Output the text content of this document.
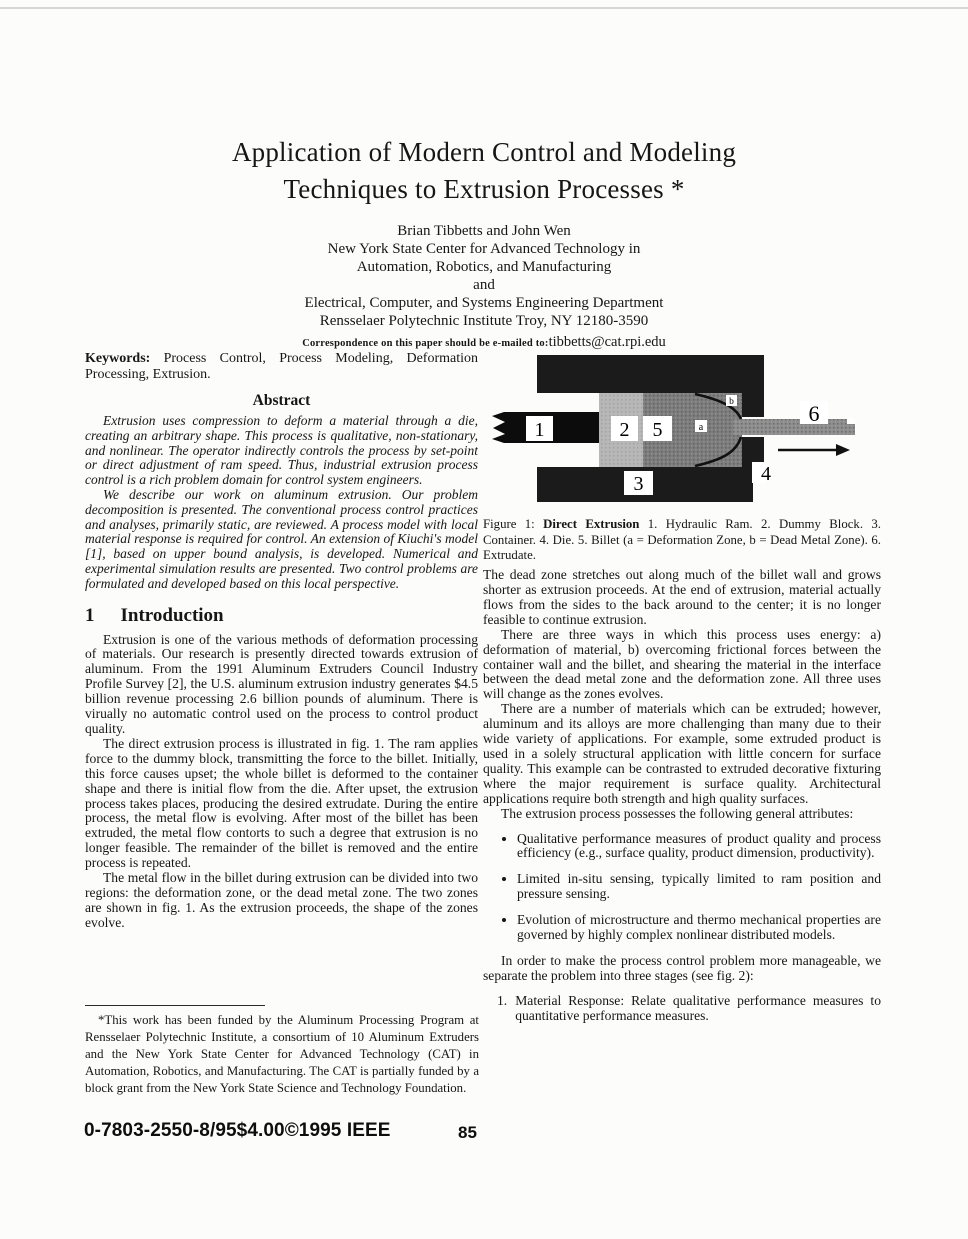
Application of Modern Control and Modeling
Techniques to Extrusion Processes *
Brian Tibbetts and John Wen
New York State Center for Advanced Technology in
Automation, Robotics, and Manufacturing
and
Electrical, Computer, and Systems Engineering Department
Rensselaer Polytechnic Institute Troy, NY 12180-3590
Correspondence on this paper should be e-mailed to:tibbetts@cat.rpi.edu

Keywords: Process Control, Process Modeling, Deformation Processing, Extrusion.

Abstract

Extrusion uses compression to deform a material through a die, creating an arbitrary shape. This process is qualitative, non-stationary, and nonlinear. The operator indirectly controls the process by set-point or direct adjustment of ram speed. Thus, industrial extrusion process control is a rich problem domain for control system engineers.

We describe our work on aluminum extrusion. Our problem decomposition is presented. The conventional process control practices and analyses, primarily static, are reviewed. A process model with local material response is required for control. An extension of Kiuchi's model [1], based on upper bound analysis, is developed. Numerical and experimental simulation results are presented. Two control problems are formulated and developed based on this local perspective.

1 Introduction

Extrusion is one of the various methods of deformation processing of materials. Our research is presently directed towards extrusion of aluminum. From the 1991 Aluminum Extruders Council Industry Profile Survey [2], the U.S. aluminum extrusion industry generates $4.5 billion revenue processing 2.6 billion pounds of aluminum. There is virually no automatic control used on the process to control product quality.

The direct extrusion process is illustrated in fig. 1. The ram applies force to the dummy block, transmitting the force to the billet. Initially, this force causes upset; the whole billet is deformed to the container shape and there is initial flow from the die. After upset, the extrusion process takes places, producing the desired extrudate. During the entire process, the metal flow is evolving. After most of the billet has been extruded, the metal flow contorts to such a degree that extrusion is no longer feasible. The remainder of the billet is removed and the entire process is repeated.

The metal flow in the billet during extrusion can be divided into two regions: the deformation zone, or the dead metal zone. The two zones are shown in fig. 1. As the extrusion proceeds, the shape of the zones evolve.

1	2 5
3	4
6
a
b

Figure 1: Direct Extrusion 1. Hydraulic Ram. 2. Dummy Block. 3. Container. 4. Die. 5. Billet (a = Deformation Zone, b = Dead Metal Zone). 6. Extrudate.

The dead zone stretches out along much of the billet wall and grows shorter as extrusion proceeds. At the end of extrusion, material actually flows from the sides to the back around to the center; it is no longer feasible to continue extrusion.

There are three ways in which this process uses energy: a) deformation of material, b) overcoming frictional forces between the container wall and the billet, and shearing the material in the interface between the dead metal zone and the deformation zone. All three uses will change as the zones evolves.

There are a number of materials which can be extruded; however, aluminum and its alloys are more challenging than many due to their wide variety of applications. For example, some extruded product is used in a solely structural application with little concern for surface quality. This example can be contrasted to extruded decorative fixturing where the major requirement is surface quality. Architectural applications require both strength and high quality surfaces.

The extrusion process possesses the following general attributes:

• Qualitative performance measures of product quality and process efficiency (e.g., surface quality, product dimension, productivity).
• Limited in-situ sensing, typically limited to ram position and pressure sensing.
• Evolution of microstructure and thermo mechanical properties are governed by highly complex nonlinear distributed models.

In order to make the process control problem more manageable, we separate the problem into three stages (see fig. 2):

1. Material Response: Relate qualitative performance measures to quantitative performance measures.

*This work has been funded by the Aluminum Processing Program at Rensselaer Polytechnic Institute, a consortium of 10 Aluminum Extruders and the New York State Center for Advanced Technology (CAT) in Automation, Robotics, and Manufacturing. The CAT is partially funded by a block grant from the New York State Science and Technology Foundation.

0-7803-2550-8/95$4.00©1995 IEEE	85
